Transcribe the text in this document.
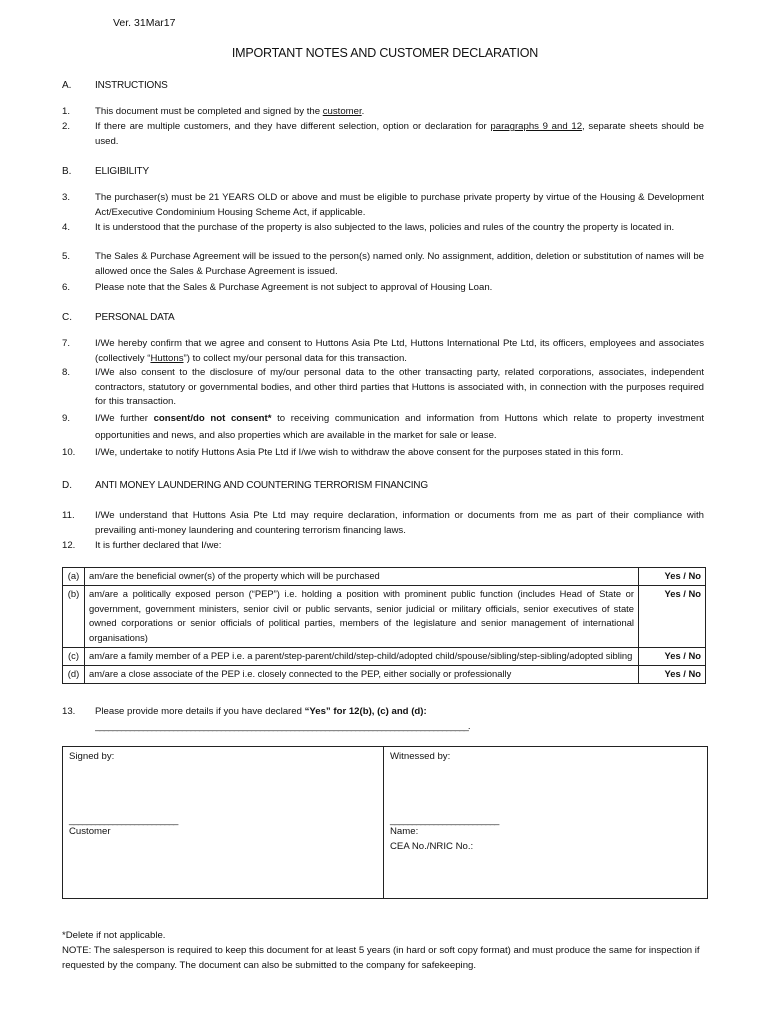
Ver. 31Mar17
IMPORTANT NOTES AND CUSTOMER DECLARATION
A. INSTRUCTIONS
1.	This document must be completed and signed by the customer.
2.	If there are multiple customers, and they have different selection, option or declaration for paragraphs 9 and 12, separate sheets should be used.
B. ELIGIBILITY
3.	The purchaser(s) must be 21 YEARS OLD or above and must be eligible to purchase private property by virtue of the Housing & Development Act/Executive Condominium Housing Scheme Act, if applicable.
4.	It is understood that the purchase of the property is also subjected to the laws, policies and rules of the country the property is located in.
5.	The Sales & Purchase Agreement will be issued to the person(s) named only. No assignment, addition, deletion or substitution of names will be allowed once the Sales & Purchase Agreement is issued.
6.	Please note that the Sales & Purchase Agreement is not subject to approval of Housing Loan.
C. PERSONAL DATA
7.	I/We hereby confirm that we agree and consent to Huttons Asia Pte Ltd, Huttons International Pte Ltd, its officers, employees and associates (collectively “Huttons”) to collect my/our personal data for this transaction.
8.	I/We also consent to the disclosure of my/our personal data to the other transacting party, related corporations, associates, independent contractors, statutory or governmental bodies, and other third parties that Huttons is associated with, in connection with the purposes required for this transaction.
9.	I/We further consent/do not consent* to receiving communication and information from Huttons which relate to property investment opportunities and news, and also properties which are available in the market for sale or lease.
10. I/We, undertake to notify Huttons Asia Pte Ltd if I/we wish to withdraw the above consent for the purposes stated in this form.
D. ANTI MONEY LAUNDERING AND COUNTERING TERRORISM FINANCING
11. I/We understand that Huttons Asia Pte Ltd may require declaration, information or documents from me as part of their compliance with prevailing anti-money laundering and countering terrorism financing laws.
12. It is further declared that I/we:
(a)	am/are the beneficial owner(s) of the property which will be purchased	Yes / No
(b)	am/are a politically exposed person (“PEP”) i.e. holding a position with prominent public function (includes Head of State or government, government ministers, senior civil or public servants, senior judicial or military officials, senior executives of state owned corporations or senior officials of political parties, members of the legislature and senior management of international organisations)	Yes / No
(c)	am/are a family member of a PEP i.e. a parent/step-parent/child/step-child/adopted child/spouse/sibling/step-sibling/adopted sibling	Yes / No
(d)	am/are a close associate of the PEP i.e. closely connected to the PEP, either socially or professionally	Yes / No
13. Please provide more details if you have declared “Yes” for 12(b), (c) and (d):
______________________________________________________________________________________.
Signed by:
_________________________
Customer
Witnessed by:
_________________________
Name:
CEA No./NRIC No.:
*Delete if not applicable.
NOTE: The salesperson is required to keep this document for at least 5 years (in hard or soft copy format) and must produce the same for inspection if requested by the company. The document can also be submitted to the company for safekeeping.
